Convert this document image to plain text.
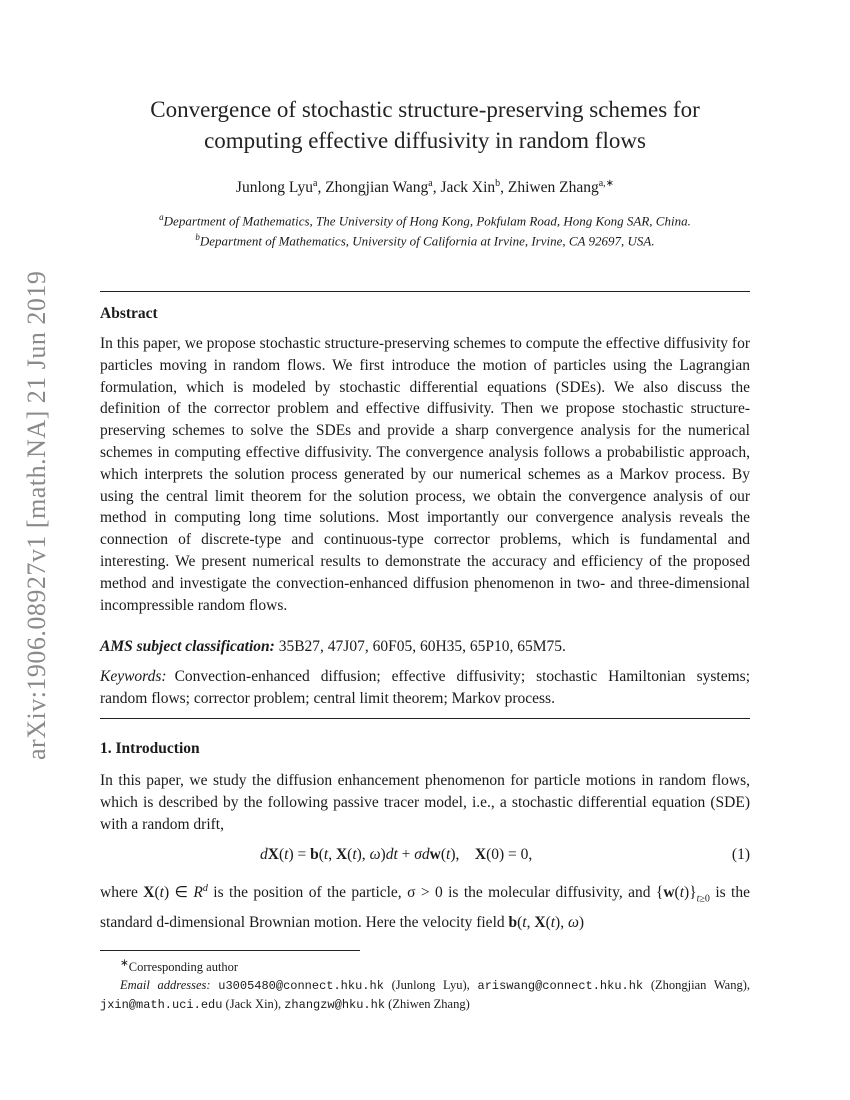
arXiv:1906.08927v1 [math.NA] 21 Jun 2019
Convergence of stochastic structure-preserving schemes for
computing effective diffusivity in random flows
Junlong Lyu$^a$, Zhongjian Wang$^a$, Jack Xin$^b$, Zhiwen Zhang$^{a,∗}$
$^a$Department of Mathematics, The University of Hong Kong, Pokfulam Road, Hong Kong SAR, China.
$^b$Department of Mathematics, University of California at Irvine, Irvine, CA 92697, USA.
Abstract
In this paper, we propose stochastic structure-preserving schemes to compute the effective diffusivity for particles moving in random flows. We first introduce the motion of particles using the Lagrangian formulation, which is modeled by stochastic differential equations (SDEs). We also discuss the definition of the corrector problem and effective diffusivity. Then we propose stochastic structure-preserving schemes to solve the SDEs and provide a sharp convergence analysis for the numerical schemes in computing effective diffusivity. The convergence analysis follows a probabilistic approach, which interprets the solution process generated by our numerical schemes as a Markov process. By using the central limit theorem for the solution process, we obtain the convergence analysis of our method in computing long time solutions. Most importantly our convergence analysis reveals the connection of discrete-type and continuous-type corrector problems, which is fundamental and interesting. We present numerical results to demonstrate the accuracy and efficiency of the proposed method and investigate the convection-enhanced diffusion phenomenon in two- and three-dimensional incompressible random flows.
AMS subject classification: 35B27, 47J07, 60F05, 60H35, 65P10, 65M75.
Keywords: Convection-enhanced diffusion; effective diffusivity; stochastic Hamiltonian systems; random flows; corrector problem; central limit theorem; Markov process.
1. Introduction
In this paper, we study the diffusion enhancement phenomenon for particle motions in random flows, which is described by the following passive tracer model, i.e., a stochastic differential equation (SDE) with a random drift,
dX(t) = b(t, X(t), ω)dt + σdw(t),    X(0) = 0,	(1)
where X(t) ∈ $R^d$ is the position of the particle, σ > 0 is the molecular diffusivity, and $\{w(t)\}_{t\ge 0}$ is the standard d-dimensional Brownian motion. Here the velocity field b(t, X(t), ω)
∗Corresponding author
Email addresses: u3005480@connect.hku.hk (Junlong Lyu), ariswang@connect.hku.hk (Zhongjian Wang), jxin@math.uci.edu (Jack Xin), zhangzw@hku.hk (Zhiwen Zhang)
